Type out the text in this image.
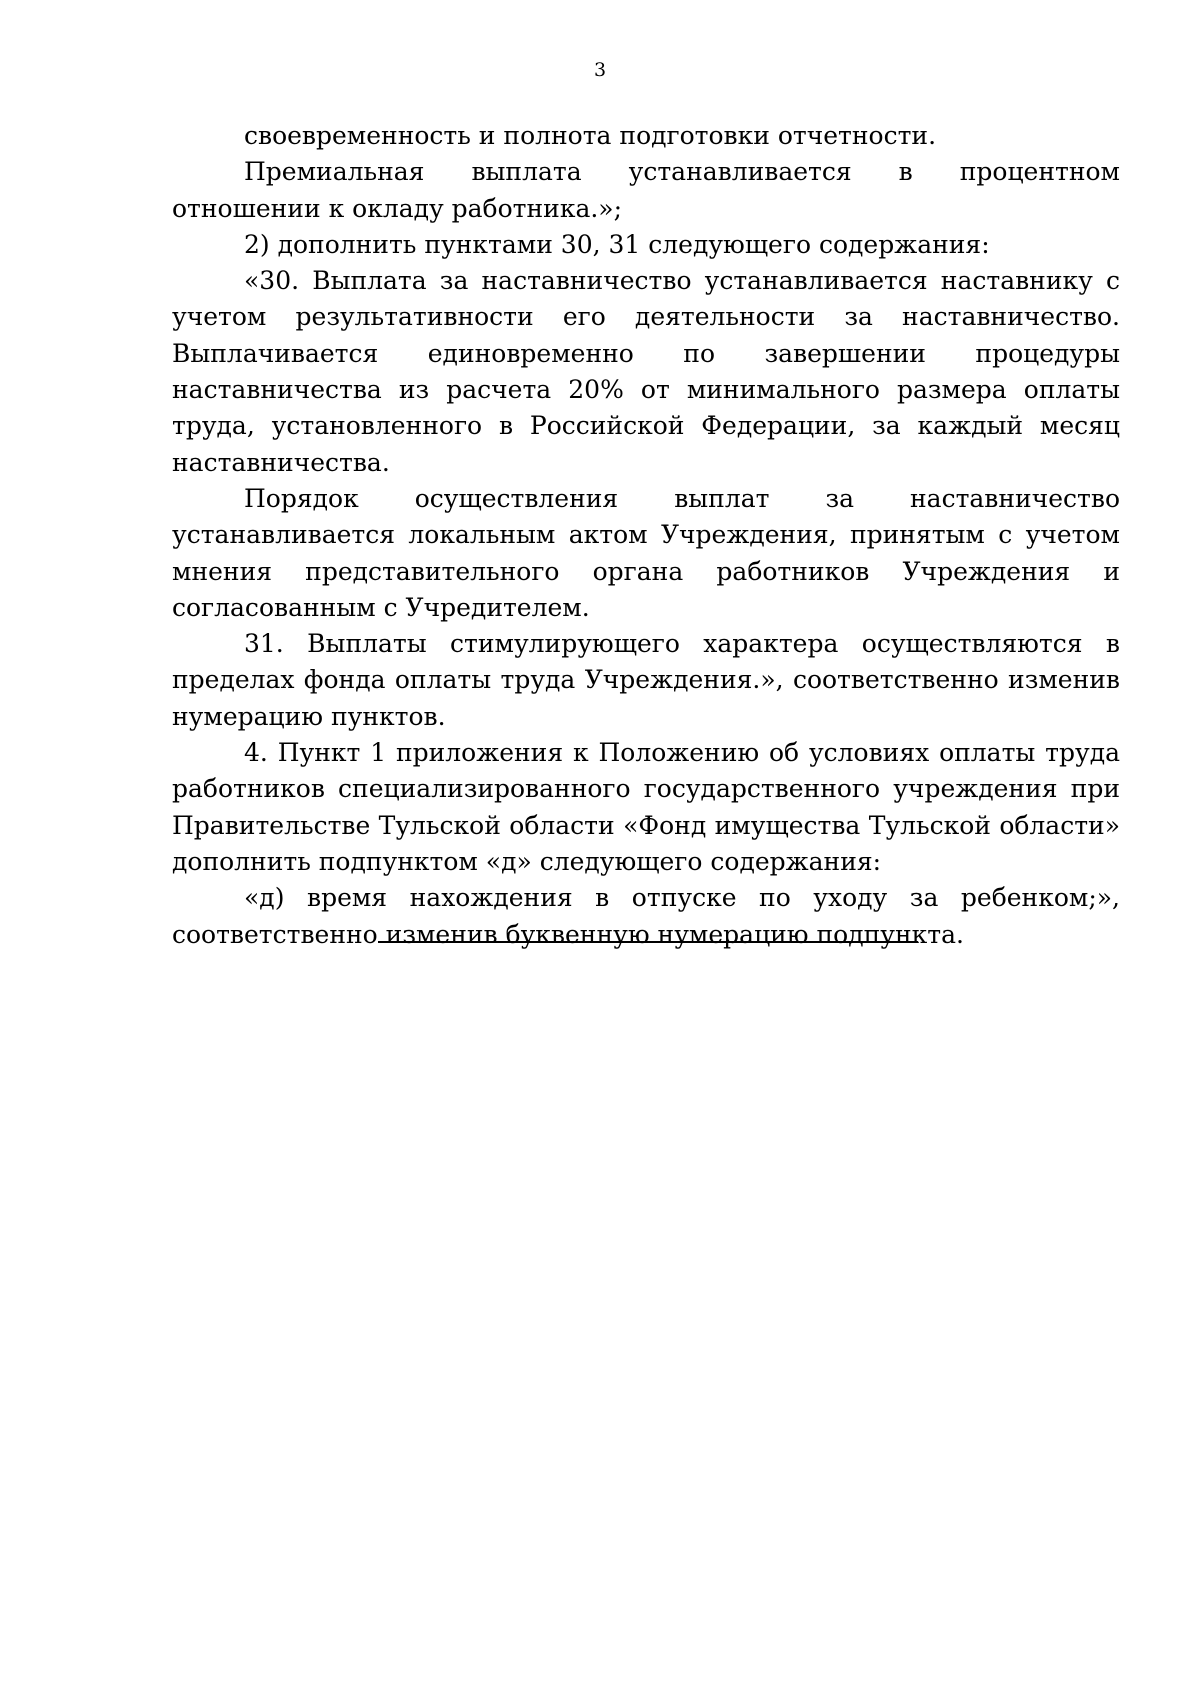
3

своевременность и полнота подготовки отчетности.

Премиальная выплата устанавливается в процентном отношении к окладу работника.»;

2) дополнить пунктами 30, 31 следующего содержания:

«30. Выплата за наставничество устанавливается наставнику с учетом результативности его деятельности за наставничество. Выплачивается единовременно по завершении процедуры наставничества из расчета 20% от минимального размера оплаты труда, установленного в Российской Федерации, за каждый месяц наставничества.

Порядок осуществления выплат за наставничество устанавливается локальным актом Учреждения, принятым с учетом мнения представительного органа работников Учреждения и согласованным с Учредителем.

31. Выплаты стимулирующего характера осуществляются в пределах фонда оплаты труда Учреждения.», соответственно изменив нумерацию пунктов.

4. Пункт 1 приложения к Положению об условиях оплаты труда работников специализированного государственного учреждения при Правительстве Тульской области «Фонд имущества Тульской области» дополнить подпунктом «д» следующего содержания:

«д) время нахождения в отпуске по уходу за ребенком;», соответственно изменив буквенную нумерацию подпункта.
